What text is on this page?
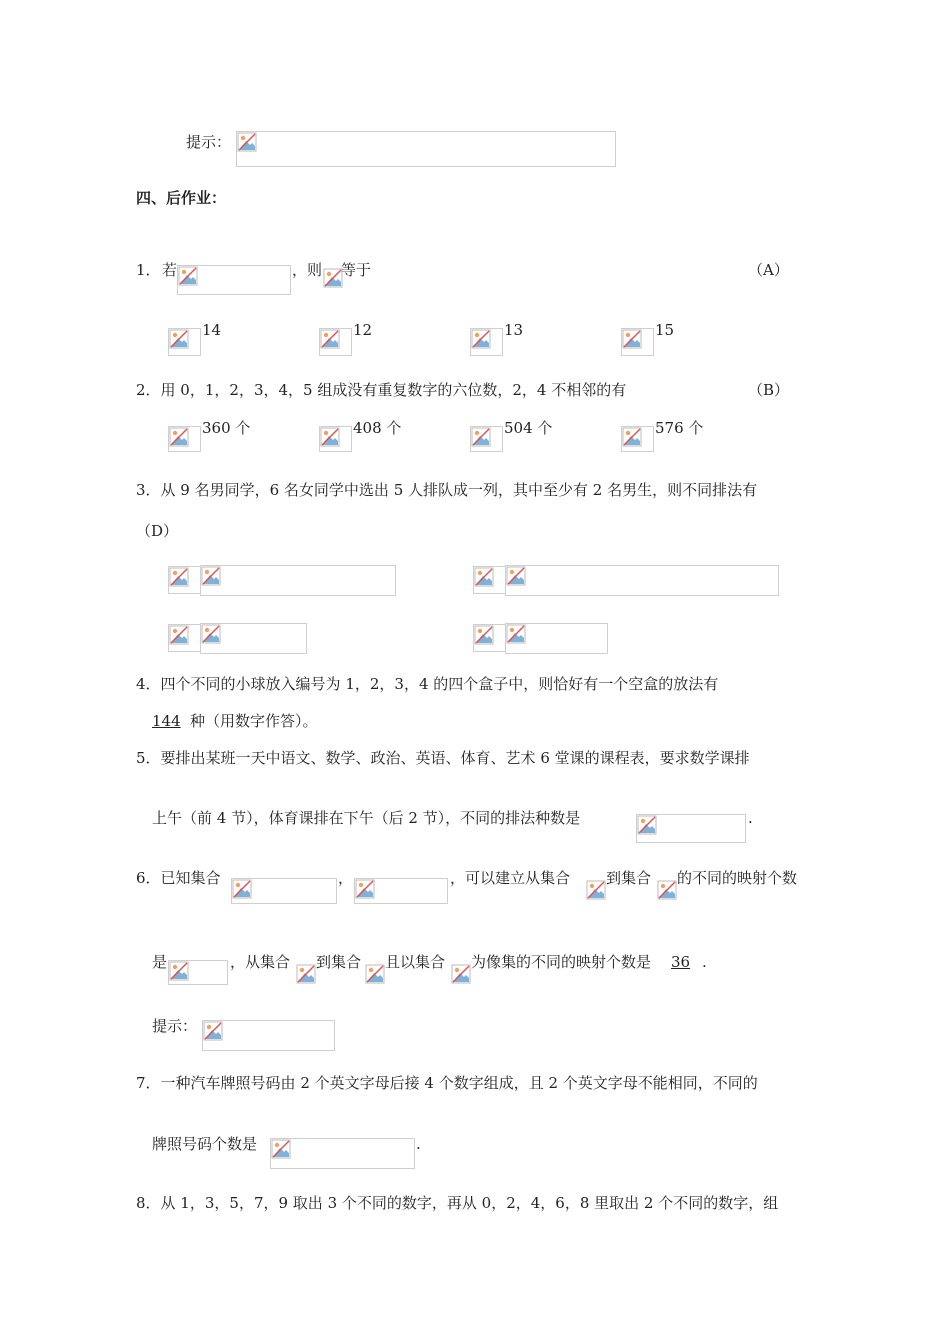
提示：
四、后作业：
1． 若	，则 等于	（A）
14	12	13	15
2．用 0，1，2，3，4，5 组成没有重复数字的六位数，2，4 不相邻的有	（B）
360 个	408 个	504 个	576 个
3．从 9 名男同学，6 名女同学中选出 5 人排队成一列，其中至少有 2 名男生，则不同排法有
（D）
4．四个不同的小球放入编号为 1，2，3，4 的四个盒子中，则恰好有一个空盒的放法有
144 种（用数字作答）。
5．要排出某班一天中语文、数学、政治、英语、体育、艺术 6 堂课的课程表，要求数学课排
上午（前 4 节），体育课排在下午（后 2 节），不同的排法种数是	.
6．已知集合	，	，可以建立从集合 到集合 的不同的映射个数
是	，从集合 到集合 且以集合 为像集的不同的映射个数是 36 .
提示：
7．一种汽车牌照号码由 2 个英文字母后接 4 个数字组成，且 2 个英文字母不能相同，不同的
牌照号码个数是	.
8．从 1，3，5，7，9 取出 3 个不同的数字，再从 0，2，4，6，8 里取出 2 个不同的数字，组
